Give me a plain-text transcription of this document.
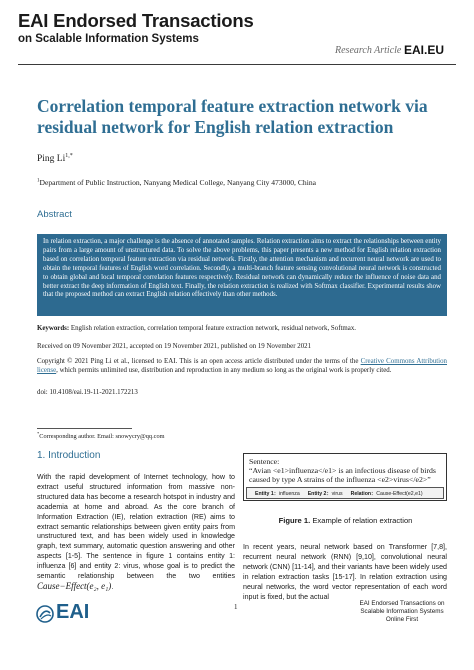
EAI Endorsed Transactions
on Scalable Information Systems
Research Article EAI.EU
Correlation temporal feature extraction network via residual network for English relation extraction
Ping $Li^{1,*}$
$^1$Department of Public Instruction, Nanyang Medical College, Nanyang City 473000, China
Abstract
In relation extraction, a major challenge is the absence of annotated samples. Relation extraction aims to extract the relationships between entity pairs from a large amount of unstructured data. To solve the above problems, this paper presents a new method for English relation extraction based on correlation temporal feature extraction via residual network. Firstly, the attention mechanism and recurrent neural network are used to obtain the temporal features of English word correlation. Secondly, a multi-branch feature sensing convolutional neural network is constructed to obtain global and local temporal correlation features respectively. Residual network can dynamically reduce the influence of noise data and better extract the deep information of English text. Finally, the relation extraction is realized with Softmax classifier. Experimental results show that the proposed method can extract English relation effectively than other methods.
Keywords: English relation extraction, correlation temporal feature extraction network, residual network, Softmax.
Received on 09 November 2021, accepted on 19 November 2021, published on 19 November 2021
Copyright © 2021 Ping Li et al., licensed to EAI. This is an open access article distributed under the terms of the Creative Commons Attribution license, which permits unlimited use, distribution and reproduction in any medium so long as the original work is properly cited.
doi: 10.4108/eai.19-11-2021.172213
*Corresponding author. Email: snowycry@qq.com
1. Introduction
With the rapid development of Internet technology, how to extract useful structured information from massive non-structured data has become a research hotspot in industry and academia at home and abroad. As the core branch of Information Extraction (IE), relation extraction (RE) aims to extract semantic relationships between given entity pairs from unstructured text, and has been widely used in knowledge graph, text summary, automatic question answering and other aspects [1-5]. The sentence in figure 1 contains entity 1: influenza [6] and entity 2: virus, whose goal is to predict the semantic relationship between the two entities Cause−Effect(e₂, e₁).
Sentence:
“Avian <e1>influenza</e1> is an infectious disease of birds
caused by type A strains of the influenza <e2>virus</e2>”
Entity 1：influenza Entity 2：virus Relation：Cause-Effect(e2,e1)
Figure 1. Example of relation extraction
In recent years, neural network based on Transformer [7,8], recurrent neural network (RNN) [9,10], convolutional neural network (CNN) [11-14], and their variants have been widely used in relation extraction tasks [15-17]. In relation extraction using neural networks, the word vector representation of each word input is fixed, but the actual
EAI	1	EAI Endorsed Transactions on
Scalable Information Systems
Online First
